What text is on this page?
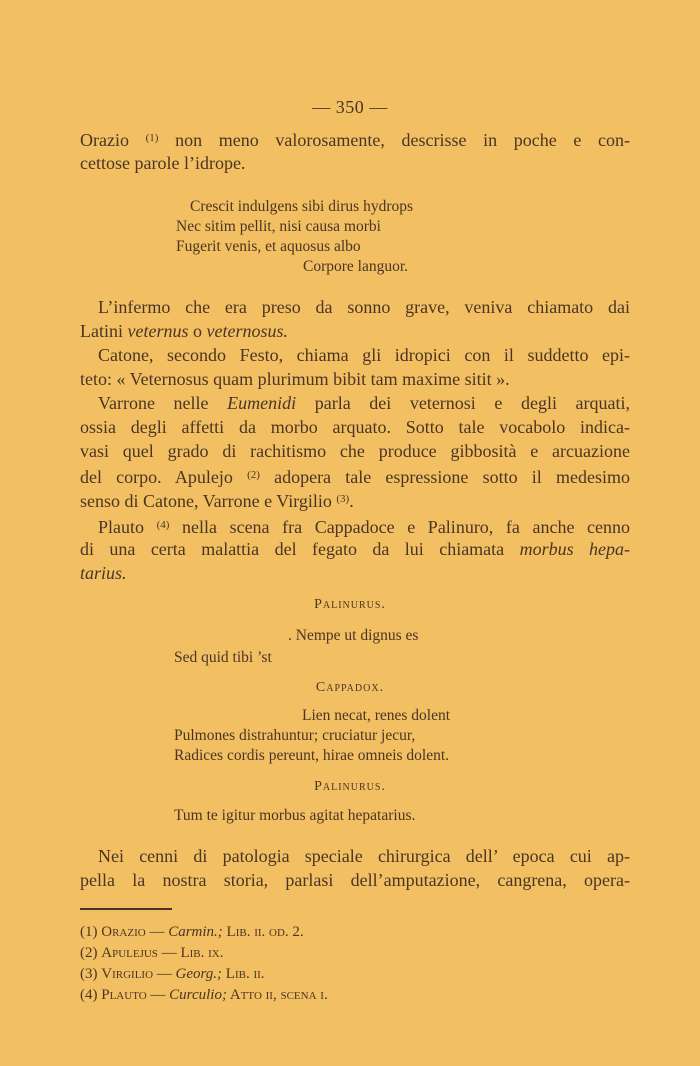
— 350 —
Orazio $^{(1)}$ non meno valorosamente, descrisse in poche e con-
cettose parole l’idrope.
Crescit indulgens sibi dirus hydrops
Nec sitim pellit, nisi causa morbi
Fugerit venis, et aquosus albo
Corpore languor.
L’infermo che era preso da sonno grave, veniva chiamato dai
Latini veternus o veternosus.
Catone, secondo Festo, chiama gli idropici con il suddetto epi-
teto: « Veternosus quam plurimum bibit tam maxime sitit ».
Varrone nelle Eumenidi parla dei veternosi e degli arquati,
ossia degli affetti da morbo arquato. Sotto tale vocabolo indica-
vasi quel grado di rachitismo che produce gibbosità e arcuazione
del corpo. Apulejo $^{(2)}$ adopera tale espressione sotto il medesimo
senso di Catone, Varrone e Virgilio $^{(3)}$.
Plauto $^{(4)}$ nella scena fra Cappadoce e Palinuro, fa anche cenno
di una certa malattia del fegato da lui chiamata morbus hepa-
tarius.
Palinurus.
. Nempe ut dignus es
Sed quid tibi ’st
Cappadox.
Lien necat, renes dolent
Pulmones distrahuntur; cruciatur jecur,
Radices cordis pereunt, hirae omneis dolent.
Palinurus.
Tum te igitur morbus agitat hepatarius.
Nei cenni di patologia speciale chirurgica dell’ epoca cui ap-
pella la nostra storia, parlasi dell’amputazione, cangrena, opera-
(1) Orazio — Carmin.; Lib. ii. od. 2.
(2) Apulejus — Lib. ix.
(3) Virgilio — Georg.; Lib. ii.
(4) Plauto — Curculio; Atto ii, scena i.
